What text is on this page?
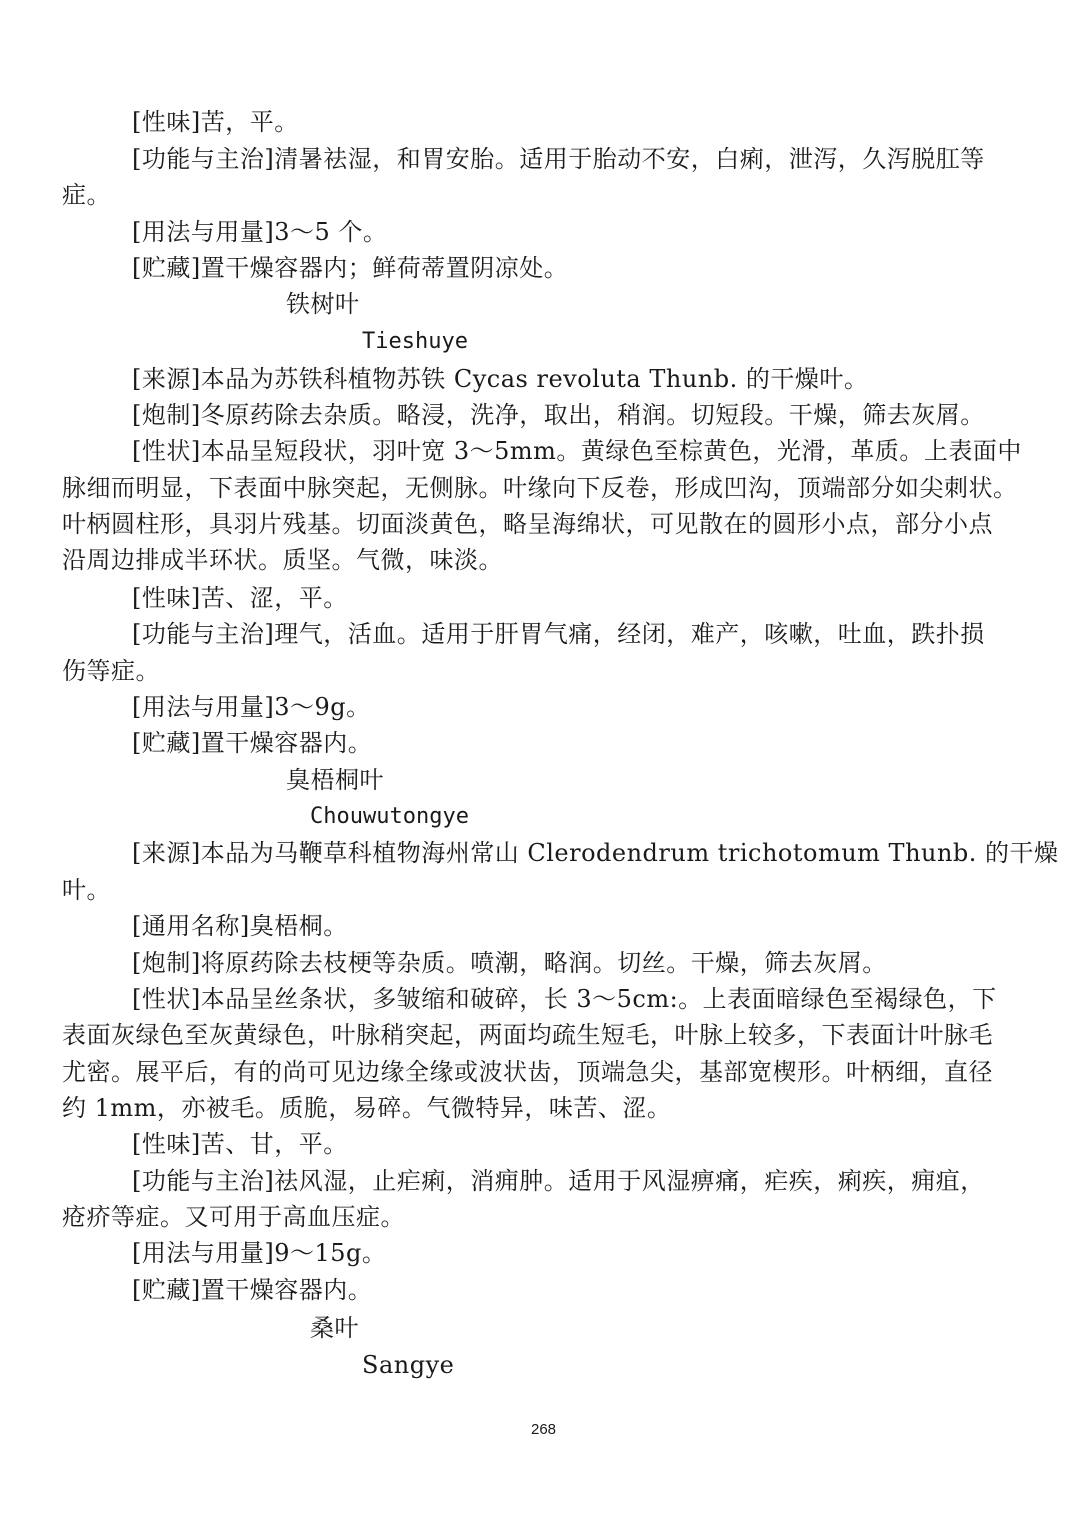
[性味]苦，平。
[功能与主治]清暑祛湿，和胃安胎。适用于胎动不安，白痢，泄泻，久泻脱肛等
症。
[用法与用量]3～5 个。
[贮藏]置干燥容器内；鲜荷蒂置阴凉处。
铁树叶
Tieshuye
[来源]本品为苏铁科植物苏铁 Cycas revoluta Thunb. 的干燥叶。
[炮制]冬原药除去杂质。略浸，洗净，取出，稍润。切短段。干燥，筛去灰屑。
[性状]本品呈短段状，羽叶宽 3～5mm。黄绿色至棕黄色，光滑，革质。上表面中
脉细而明显，下表面中脉突起，无侧脉。叶缘向下反卷，形成凹沟，顶端部分如尖刺状。
叶柄圆柱形，具羽片残基。切面淡黄色，略呈海绵状，可见散在的圆形小点，部分小点
沿周边排成半环状。质坚。气微，味淡。
[性味]苦、涩，平。
[功能与主治]理气，活血。适用于肝胃气痛，经闭，难产，咳嗽，吐血，跌扑损
伤等症。
[用法与用量]3～9g。
[贮藏]置干燥容器内。
臭梧桐叶
Chouwutongye
[来源]本品为马鞭草科植物海州常山 Clerodendrum trichotomum Thunb. 的干燥
叶。
[通用名称]臭梧桐。
[炮制]将原药除去枝梗等杂质。喷潮，略润。切丝。干燥，筛去灰屑。
[性状]本品呈丝条状，多皱缩和破碎，长 3～5cm:。上表面暗绿色至褐绿色，下
表面灰绿色至灰黄绿色，叶脉稍突起，两面均疏生短毛，叶脉上较多，下表面计叶脉毛
尤密。展平后，有的尚可见边缘全缘或波状齿，顶端急尖，基部宽楔形。叶柄细，直径
约 1mm，亦被毛。质脆，易碎。气微特异，味苦、涩。
[性味]苦、甘，平。
[功能与主治]祛风湿，止疟痢，消痈肿。适用于风湿痹痛，疟疾，痢疾，痈疽，
疮疥等症。又可用于高血压症。
[用法与用量]9～15g。
[贮藏]置干燥容器内。
桑叶
Sangye
268
